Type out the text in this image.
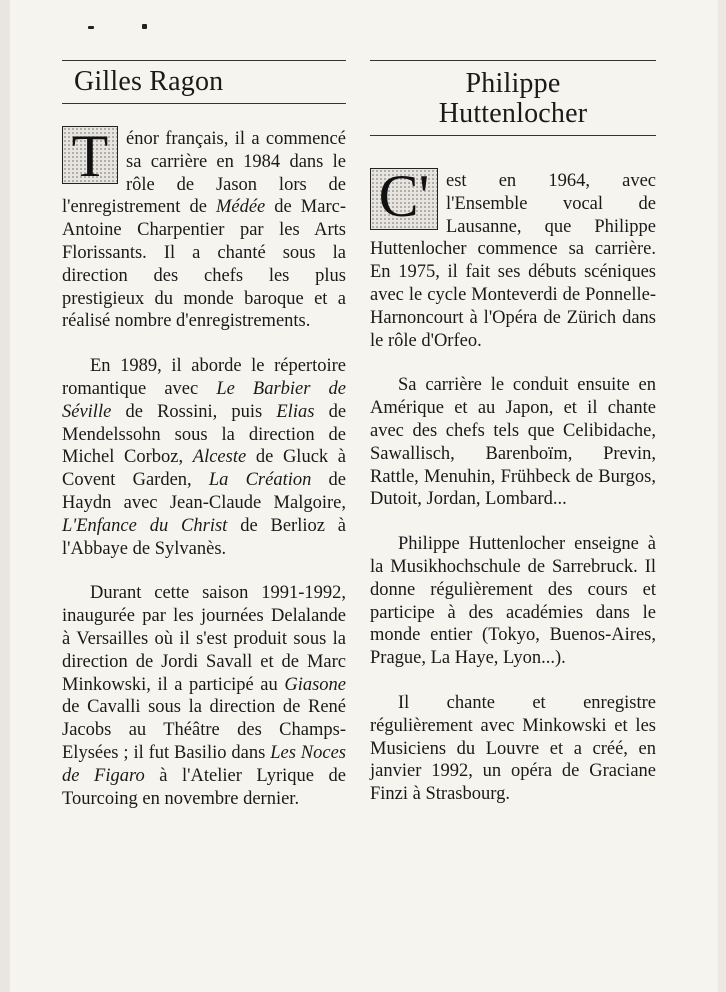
Gilles Ragon

T énor français, il a commencé sa carrière en 1984 dans le rôle de Jason lors de l'enregistrement de Médée de Marc-Antoine Charpentier par les Arts Florissants. Il a chanté sous la direction des chefs les plus prestigieux du monde baroque et a réalisé nombre d'enregistrements.

En 1989, il aborde le répertoire romantique avec Le Barbier de Séville de Rossini, puis Elias de Mendelssohn sous la direction de Michel Corboz, Alceste de Gluck à Covent Garden, La Création de Haydn avec Jean-Claude Malgoire, L'Enfance du Christ de Berlioz à l'Abbaye de Sylvanès.

Durant cette saison 1991-1992, inaugurée par les journées Delalande à Versailles où il s'est produit sous la direction de Jordi Savall et de Marc Minkowski, il a participé au Giasone de Cavalli sous la direction de René Jacobs au Théâtre des Champs-Elysées ; il fut Basilio dans Les Noces de Figaro à l'Atelier Lyrique de Tourcoing en novembre dernier.

Philippe
Huttenlocher

C' est en 1964, avec l'Ensemble vocal de Lausanne, que Philippe Huttenlocher commence sa carrière. En 1975, il fait ses débuts scéniques avec le cycle Monteverdi de Ponnelle-Harnoncourt à l'Opéra de Zürich dans le rôle d'Orfeo.

Sa carrière le conduit ensuite en Amérique et au Japon, et il chante avec des chefs tels que Celibidache, Sawallisch, Barenboïm, Previn, Rattle, Menuhin, Frühbeck de Burgos, Dutoit, Jordan, Lombard...

Philippe Huttenlocher enseigne à la Musikhochschule de Sarrebruck. Il donne régulièrement des cours et participe à des académies dans le monde entier (Tokyo, Buenos-Aires, Prague, La Haye, Lyon...).

Il chante et enregistre régulièrement avec Minkowski et les Musiciens du Louvre et a créé, en janvier 1992, un opéra de Graciane Finzi à Strasbourg.
